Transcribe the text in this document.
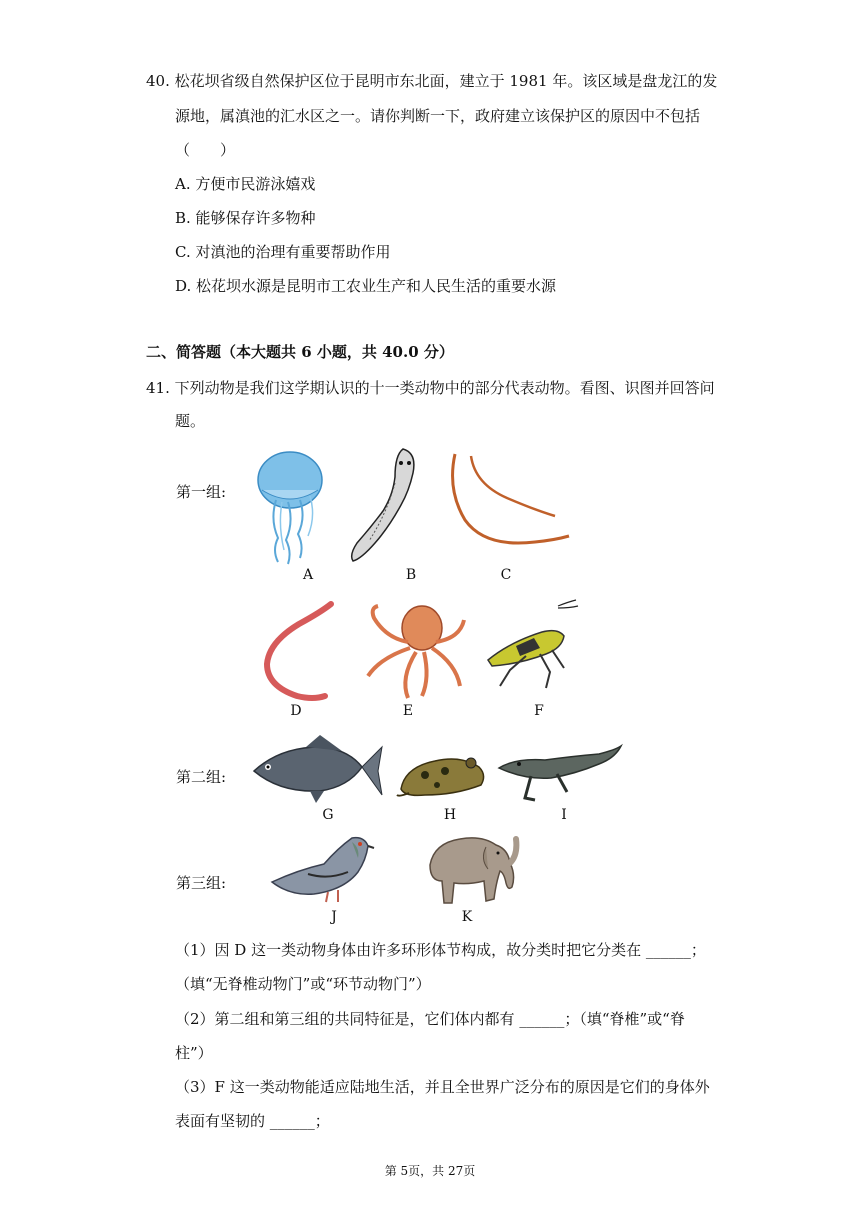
40. 松花坝省级自然保护区位于昆明市东北面，建立于 1981 年。该区域是盘龙江的发
源地，属滇池的汇水区之一。请你判断一下，政府建立该保护区的原因中不包括
（　　）
A. 方便市民游泳嬉戏
B. 能够保存许多物种
C. 对滇池的治理有重要帮助作用
D. 松花坝水源是昆明市工农业生产和人民生活的重要水源
二、简答题（本大题共 6 小题，共 40.0 分）
41. 下列动物是我们这学期认识的十一类动物中的部分代表动物。看图、识图并回答问
题。
第一组:
第二组:
第三组:
A	B	C
D	E	F
G	H	I
J	K
（1）因 D 这一类动物身体由许多环形体节构成，故分类时把它分类在 ______；
（填“无脊椎动物门”或“环节动物门”）
（2）第二组和第三组的共同特征是，它们体内都有 ______；（填“脊椎”或“脊
柱”）
（3）F 这一类动物能适应陆地生活，并且全世界广泛分布的原因是它们的身体外
表面有坚韧的 ______；
第 5页，共 27页
